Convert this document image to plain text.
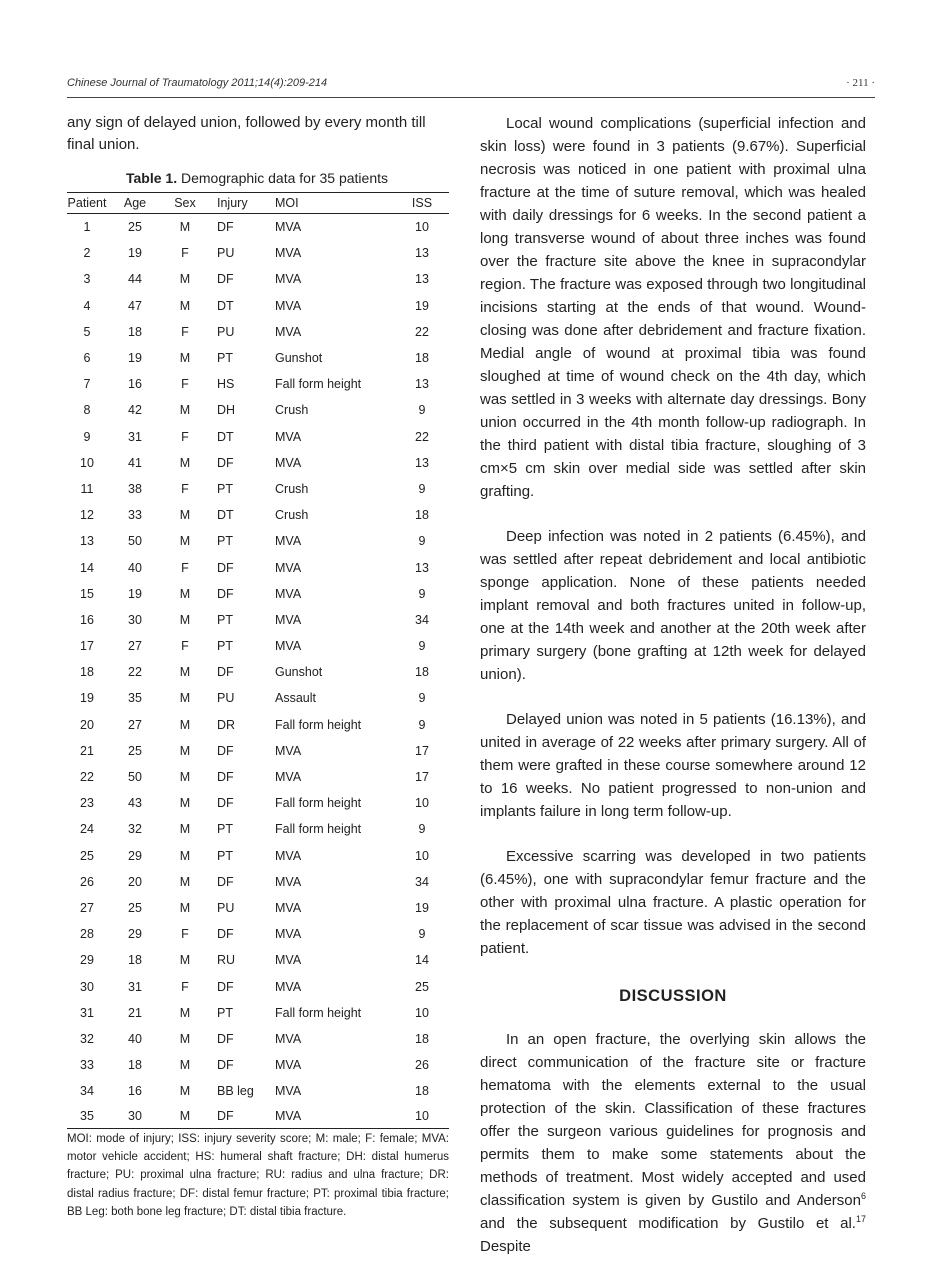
Chinese Journal of Traumatology 2011;14(4):209-214	· 211 ·

any sign of delayed union, followed by every month till final union.

Table 1. Demographic data for 35 patients

Patient	Age	Sex	Injury	MOI	ISS
1	25	M	DF	MVA	10
2	19	F	PU	MVA	13
3	44	M	DF	MVA	13
4	47	M	DT	MVA	19
5	18	F	PU	MVA	22
6	19	M	PT	Gunshot	18
7	16	F	HS	Fall form height	13
8	42	M	DH	Crush	9
9	31	F	DT	MVA	22
10	41	M	DF	MVA	13
11	38	F	PT	Crush	9
12	33	M	DT	Crush	18
13	50	M	PT	MVA	9
14	40	F	DF	MVA	13
15	19	M	DF	MVA	9
16	30	M	PT	MVA	34
17	27	F	PT	MVA	9
18	22	M	DF	Gunshot	18
19	35	M	PU	Assault	9
20	27	M	DR	Fall form height	9
21	25	M	DF	MVA	17
22	50	M	DF	MVA	17
23	43	M	DF	Fall form height	10
24	32	M	PT	Fall form height	9
25	29	M	PT	MVA	10
26	20	M	DF	MVA	34
27	25	M	PU	MVA	19
28	29	F	DF	MVA	9
29	18	M	RU	MVA	14
30	31	F	DF	MVA	25
31	21	M	PT	Fall form height	10
32	40	M	DF	MVA	18
33	18	M	DF	MVA	26
34	16	M	BB leg	MVA	18
35	30	M	DF	MVA	10

MOI: mode of injury; ISS: injury severity score; M: male; F: female; MVA: motor vehicle accident; HS: humeral shaft fracture; DH: distal humerus fracture; PU: proximal ulna fracture; RU: radius and ulna fracture; DR: distal radius fracture; DF: distal femur fracture; PT: proximal tibia fracture; BB Leg: both bone leg fracture; DT: distal tibia fracture.

Local wound complications (superficial infection and skin loss) were found in 3 patients (9.67%). Superficial necrosis was noticed in one patient with proximal ulna fracture at the time of suture removal, which was healed with daily dressings for 6 weeks. In the second patient a long transverse wound of about three inches was found over the fracture site above the knee in supracondylar region. The fracture was exposed through two longitudinal incisions starting at the ends of that wound. Wound-closing was done after debridement and fracture fixation. Medial angle of wound at proximal tibia was found sloughed at time of wound check on the 4th day, which was settled in 3 weeks with alternate day dressings. Bony union occurred in the 4th month follow-up radiograph. In the third patient with distal tibia fracture, sloughing of 3 cm×5 cm skin over medial side was settled after skin grafting.

Deep infection was noted in 2 patients (6.45%), and was settled after repeat debridement and local antibiotic sponge application. None of these patients needed implant removal and both fractures united in follow-up, one at the 14th week and another at the 20th week after primary surgery (bone grafting at 12th week for delayed union).

Delayed union was noted in 5 patients (16.13%), and united in average of 22 weeks after primary surgery. All of them were grafted in these course somewhere around 12 to 16 weeks. No patient progressed to non-union and implants failure in long term follow-up.

Excessive scarring was developed in two patients (6.45%), one with supracondylar femur fracture and the other with proximal ulna fracture. A plastic operation for the replacement of scar tissue was advised in the second patient.

DISCUSSION

In an open fracture, the overlying skin allows the direct communication of the fracture site or fracture hematoma with the elements external to the usual protection of the skin. Classification of these fractures offer the surgeon various guidelines for prognosis and permits them to make some statements about the methods of treatment. Most widely accepted and used classification system is given by Gustilo and Anderson$^6$ and the subsequent modification by Gustilo et al.$^{17}$ Despite
